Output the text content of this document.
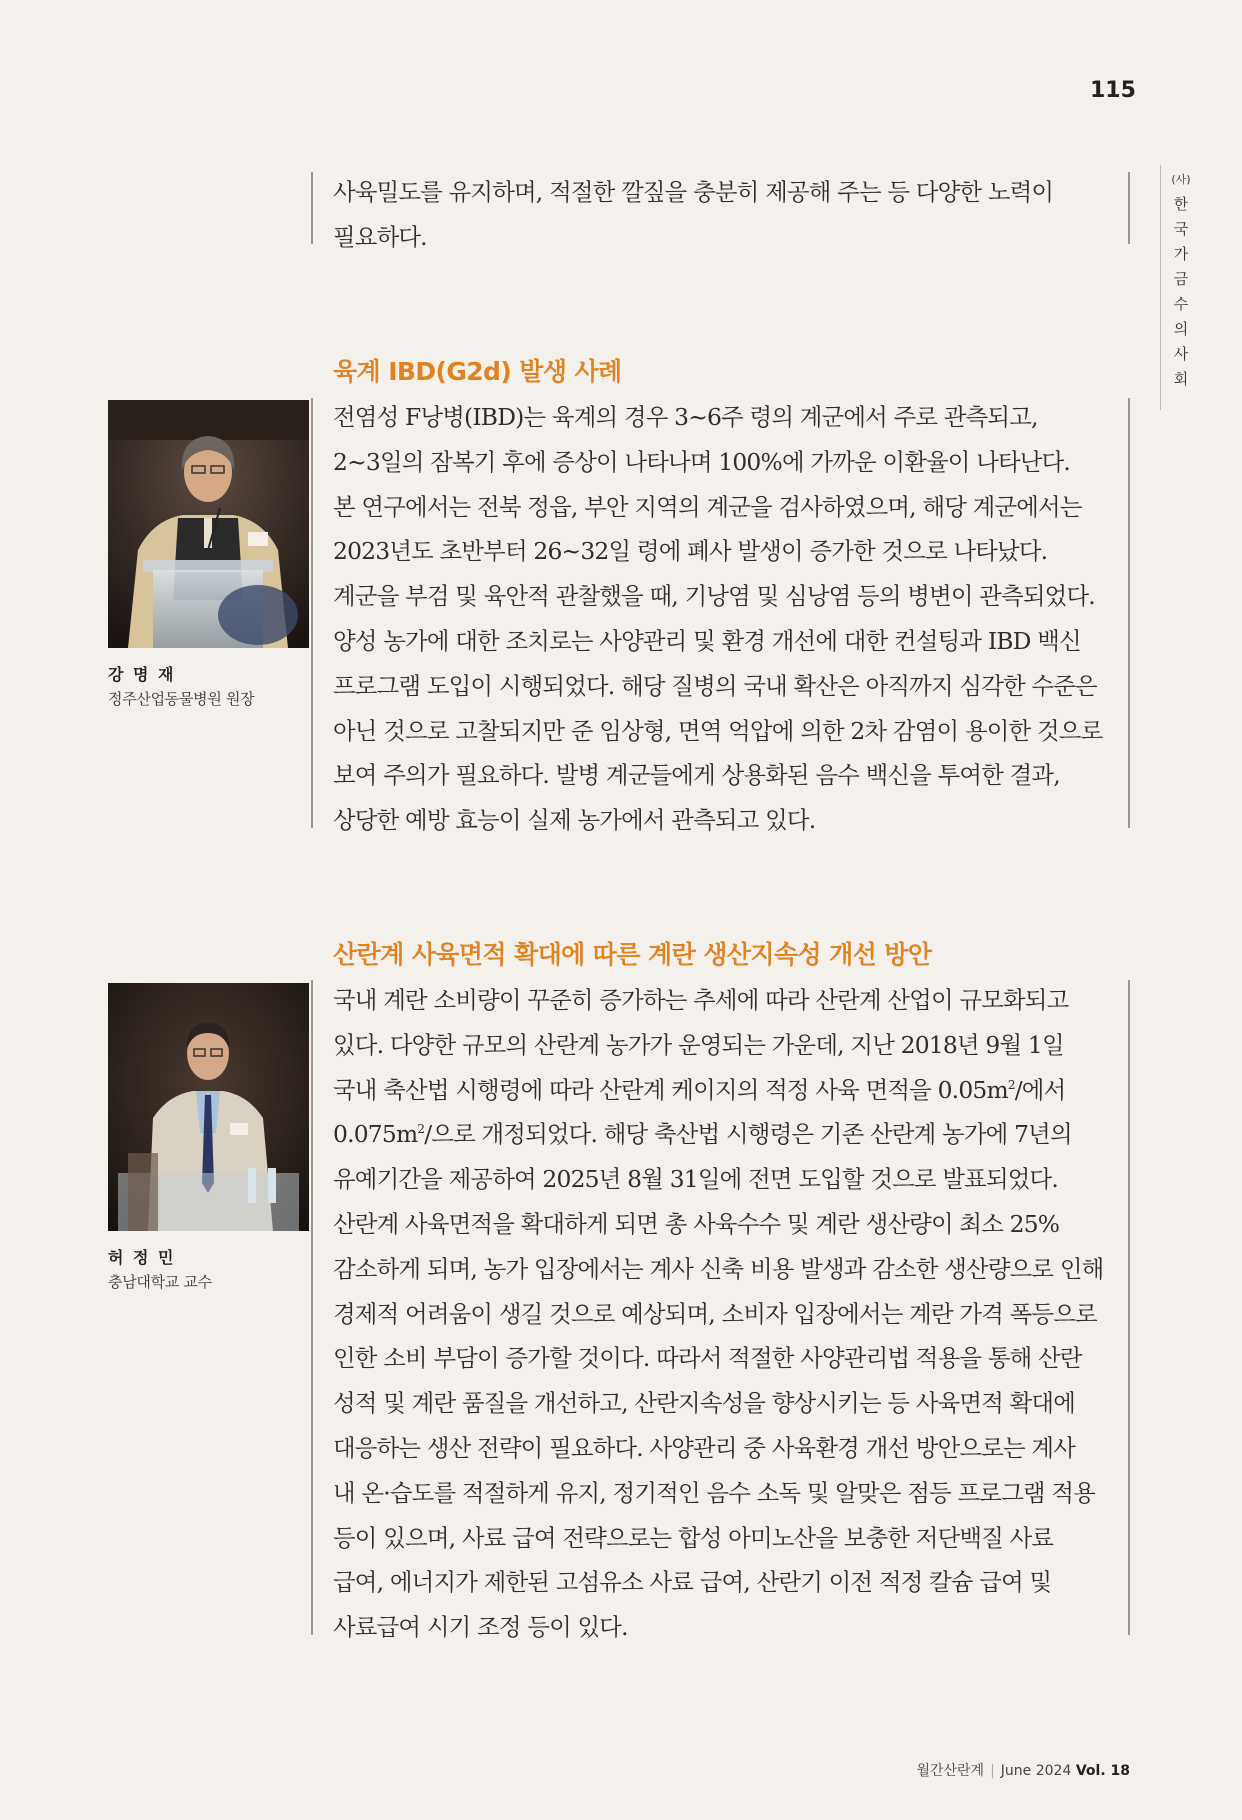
115
(사)
한
국
가
금
수
의
사
회
사육밀도를 유지하며, 적절한 깔짚을 충분히 제공해 주는 등 다양한 노력이
필요하다.
육계 IBD(G2d) 발생 사례
강 명 재
정주산업동물병원 원장
전염성 F낭병(IBD)는 육계의 경우 3~6주 령의 계군에서 주로 관측되고,
2~3일의 잠복기 후에 증상이 나타나며 100%에 가까운 이환율이 나타난다.
본 연구에서는 전북 정읍, 부안 지역의 계군을 검사하였으며, 해당 계군에서는
2023년도 초반부터 26~32일 령에 폐사 발생이 증가한 것으로 나타났다.
계군을 부검 및 육안적 관찰했을 때, 기낭염 및 심낭염 등의 병변이 관측되었다.
양성 농가에 대한 조치로는 사양관리 및 환경 개선에 대한 컨설팅과 IBD 백신
프로그램 도입이 시행되었다. 해당 질병의 국내 확산은 아직까지 심각한 수준은
아닌 것으로 고찰되지만 준 임상형, 면역 억압에 의한 2차 감염이 용이한 것으로
보여 주의가 필요하다. 발병 계군들에게 상용화된 음수 백신을 투여한 결과,
상당한 예방 효능이 실제 농가에서 관측되고 있다.
산란계 사육면적 확대에 따른 계란 생산지속성 개선 방안
허 정 민
충남대학교 교수
국내 계란 소비량이 꾸준히 증가하는 추세에 따라 산란계 산업이 규모화되고
있다. 다양한 규모의 산란계 농가가 운영되는 가운데, 지난 2018년 9월 1일
국내 축산법 시행령에 따라 산란계 케이지의 적정 사육 면적을 $0.05m^2/$에서
$0.075m^2/$으로 개정되었다. 해당 축산법 시행령은 기존 산란계 농가에 7년의
유예기간을 제공하여 2025년 8월 31일에 전면 도입할 것으로 발표되었다.
산란계 사육면적을 확대하게 되면 총 사육수수 및 계란 생산량이 최소 25%
감소하게 되며, 농가 입장에서는 계사 신축 비용 발생과 감소한 생산량으로 인해
경제적 어려움이 생길 것으로 예상되며, 소비자 입장에서는 계란 가격 폭등으로
인한 소비 부담이 증가할 것이다. 따라서 적절한 사양관리법 적용을 통해 산란
성적 및 계란 품질을 개선하고, 산란지속성을 향상시키는 등 사육면적 확대에
대응하는 생산 전략이 필요하다. 사양관리 중 사육환경 개선 방안으로는 계사
내 온·습도를 적절하게 유지, 정기적인 음수 소독 및 알맞은 점등 프로그램 적용
등이 있으며, 사료 급여 전략으로는 합성 아미노산을 보충한 저단백질 사료
급여, 에너지가 제한된 고섬유소 사료 급여, 산란기 이전 적정 칼슘 급여 및
사료급여 시기 조정 등이 있다.
월간산란계 | June 2024 Vol. 18
